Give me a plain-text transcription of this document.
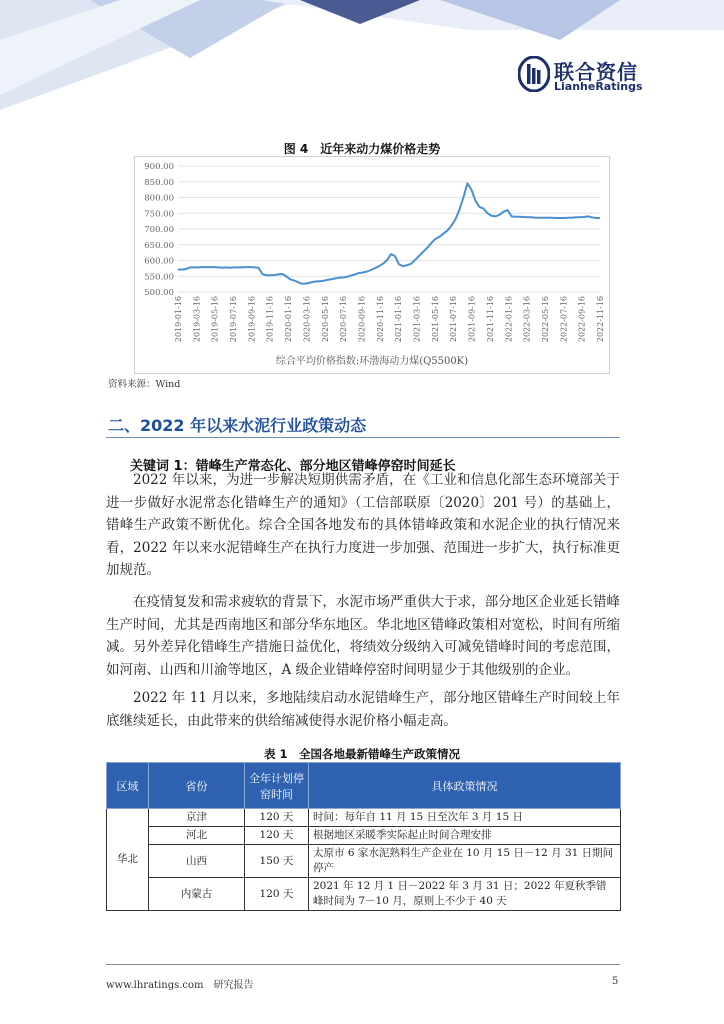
联合资信
LianheRatings
图 4　近年来动力煤价格走势
900.00
850.00
800.00
750.00
700.00
650.00
600.00
550.00
500.00
2019-01-16 2019-03-16 2019-05-16 2019-07-16 2019-09-16 2019-11-16 2020-01-16 2020-03-16 2020-05-16 2020-07-16 2020-09-16 2020-11-16 2021-01-16 2021-03-16 2021-05-16 2021-07-16 2021-09-16 2021-11-16 2022-01-16 2022-03-16 2022-05-16 2022-07-16 2022-09-16 2022-11-16
综合平均价格指数:环渤海动力煤(Q5500K)
资料来源：Wind
二、2022 年以来水泥行业政策动态
关键词 1：错峰生产常态化、部分地区错峰停窑时间延长

2022 年以来，为进一步解决短期供需矛盾，在《工业和信息化部生态环境部关于进一步做好水泥常态化错峰生产的通知》（工信部联原〔2020〕201 号）的基础上，错峰生产政策不断优化。综合全国各地发布的具体错峰政策和水泥企业的执行情况来看，2022 年以来水泥错峰生产在执行力度进一步加强、范围进一步扩大，执行标准更加规范。

在疫情复发和需求疲软的背景下，水泥市场严重供大于求，部分地区企业延长错峰生产时间，尤其是西南地区和部分华东地区。华北地区错峰政策相对宽松，时间有所缩减。另外差异化错峰生产措施日益优化，将绩效分级纳入可减免错峰时间的考虑范围，如河南、山西和川渝等地区，A 级企业错峰停窑时间明显少于其他级别的企业。

2022 年 11 月以来，多地陆续启动水泥错峰生产，部分地区错峰生产时间较上年底继续延长，由此带来的供给缩减使得水泥价格小幅走高。

表 1　全国各地最新错峰生产政策情况
区域	省份	全年计划停窑时间	具体政策情况
华北	京津	120 天	时间：每年自 11 月 15 日至次年 3 月 15 日
	河北	120 天	根据地区采暖季实际起止时间合理安排
	山西	150 天	太原市 6 家水泥熟料生产企业在 10 月 15 日－12 月 31 日期间停产
	内蒙古	120 天	2021 年 12 月 1 日－2022 年 3 月 31 日；2022 年夏秋季错峰时间为 7－10 月，原则上不少于 40 天
www.lhratings.com　研究报告	5
